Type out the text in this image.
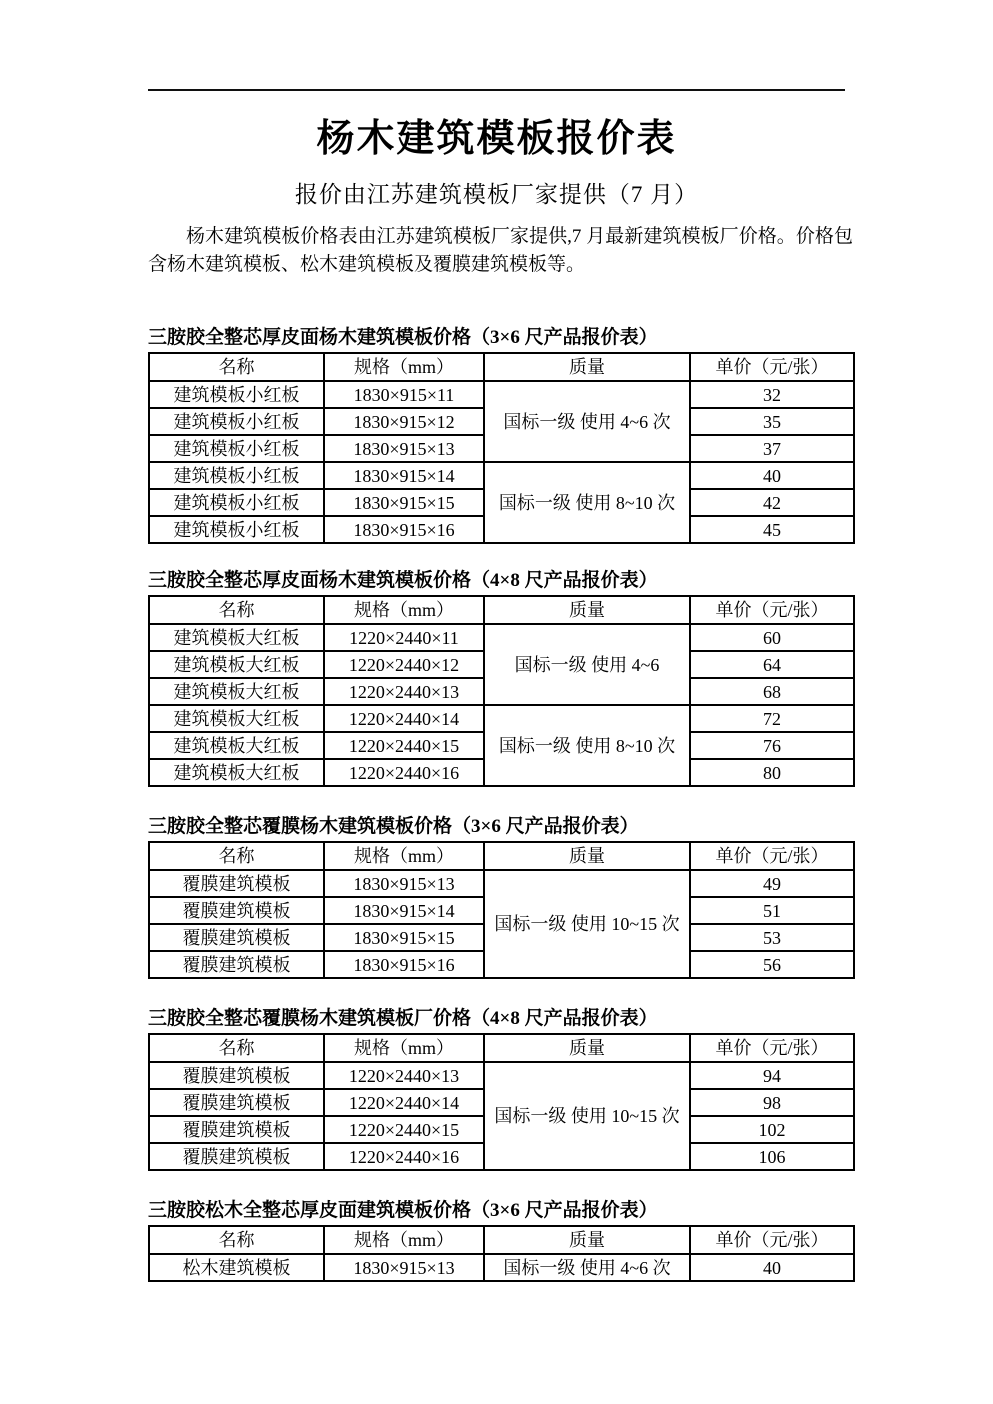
杨木建筑模板报价表
报价由江苏建筑模板厂家提供（7 月）

杨木建筑模板价格表由江苏建筑模板厂家提供,7 月最新建筑模板厂价格。价格包含杨木建筑模板、松木建筑模板及覆膜建筑模板等。

三胺胶全整芯厚皮面杨木建筑模板价格（3×6 尺产品报价表）
名称	规格（mm）	质量	单价（元/张）
建筑模板小红板	1830×915×11	国标一级 使用 4~6 次	32
建筑模板小红板	1830×915×12		35
建筑模板小红板	1830×915×13		37
建筑模板小红板	1830×915×14	国标一级 使用 8~10 次	40
建筑模板小红板	1830×915×15		42
建筑模板小红板	1830×915×16		45
三胺胶全整芯厚皮面杨木建筑模板价格（4×8 尺产品报价表）
名称	规格（mm）	质量	单价（元/张）
建筑模板大红板	1220×2440×11	国标一级 使用 4~6	60
建筑模板大红板	1220×2440×12		64
建筑模板大红板	1220×2440×13		68
建筑模板大红板	1220×2440×14	国标一级 使用 8~10 次	72
建筑模板大红板	1220×2440×15		76
建筑模板大红板	1220×2440×16		80
三胺胶全整芯覆膜杨木建筑模板价格（3×6 尺产品报价表）
名称	规格（mm）	质量	单价（元/张）
覆膜建筑模板	1830×915×13	国标一级 使用 10~15 次	49
覆膜建筑模板	1830×915×14		51
覆膜建筑模板	1830×915×15		53
覆膜建筑模板	1830×915×16		56
三胺胶全整芯覆膜杨木建筑模板厂价格（4×8 尺产品报价表）
名称	规格（mm）	质量	单价（元/张）
覆膜建筑模板	1220×2440×13	国标一级 使用 10~15 次	94
覆膜建筑模板	1220×2440×14		98
覆膜建筑模板	1220×2440×15		102
覆膜建筑模板	1220×2440×16		106
三胺胶松木全整芯厚皮面建筑模板价格（3×6 尺产品报价表）
名称	规格（mm）	质量	单价（元/张）
松木建筑模板	1830×915×13	国标一级 使用 4~6 次	40
